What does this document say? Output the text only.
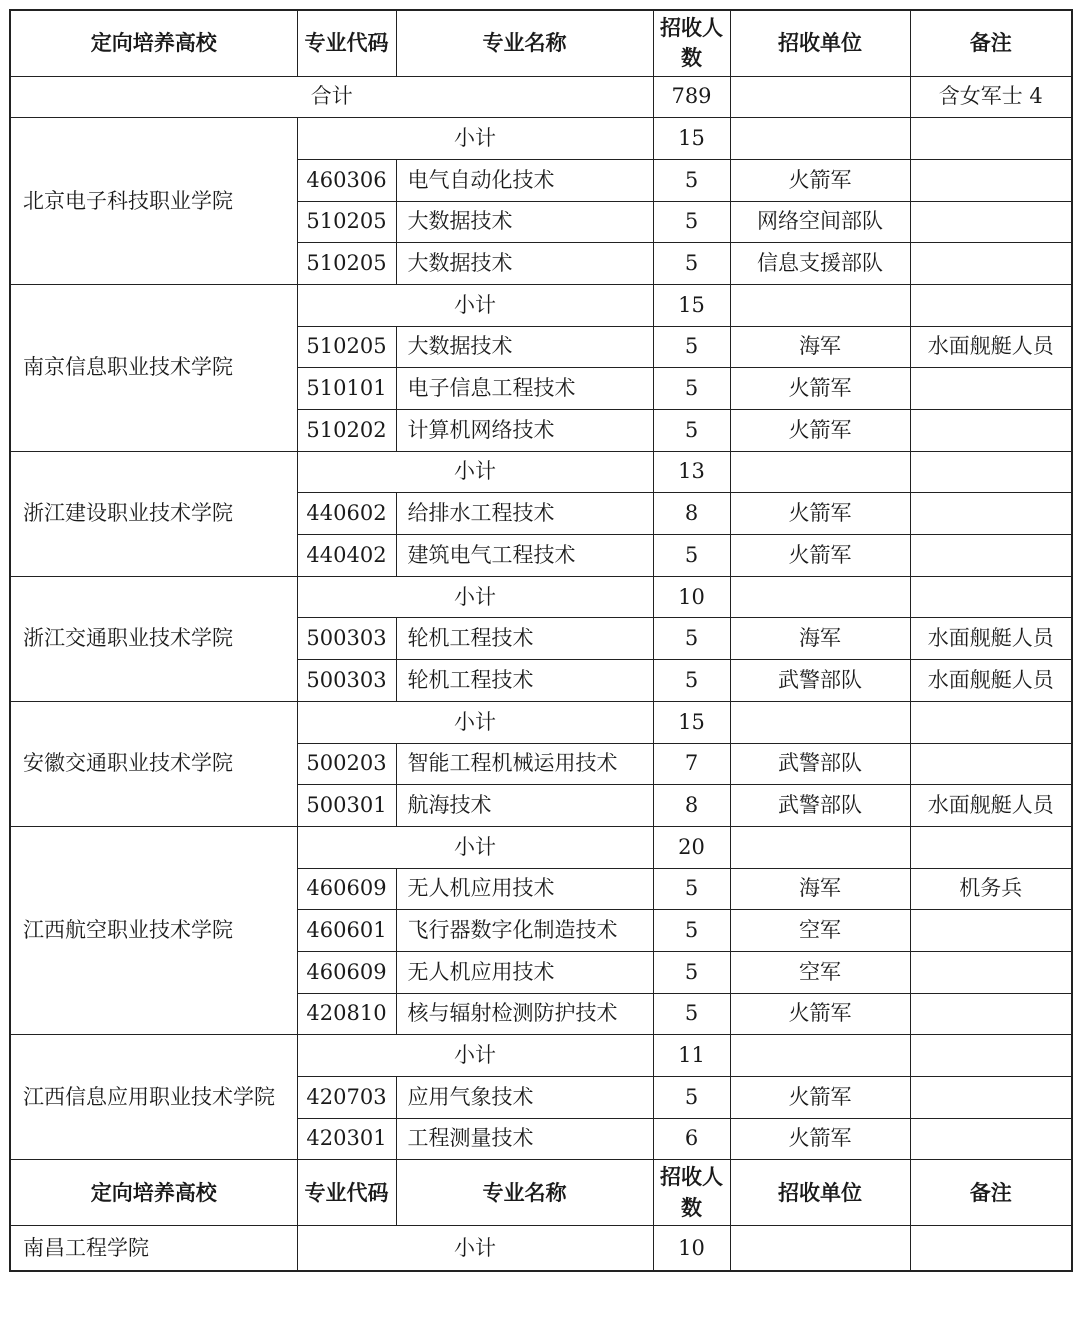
定向培养高校	专业代码	专业名称	招收人数	招收单位	备注
合计			789		含女军士 4
北京电子科技职业学院	小计		15		
	460306	电气自动化技术	5	火箭军	
	510205	大数据技术	5	网络空间部队	
	510205	大数据技术	5	信息支援部队	
南京信息职业技术学院	小计		15		
	510205	大数据技术	5	海军	水面舰艇人员
	510101	电子信息工程技术	5	火箭军	
	510202	计算机网络技术	5	火箭军	
浙江建设职业技术学院	小计		13		
	440602	给排水工程技术	8	火箭军	
	440402	建筑电气工程技术	5	火箭军	
浙江交通职业技术学院	小计		10		
	500303	轮机工程技术	5	海军	水面舰艇人员
	500303	轮机工程技术	5	武警部队	水面舰艇人员
安徽交通职业技术学院	小计		15		
	500203	智能工程机械运用技术	7	武警部队	
	500301	航海技术	8	武警部队	水面舰艇人员
江西航空职业技术学院	小计		20		
	460609	无人机应用技术	5	海军	机务兵
	460601	飞行器数字化制造技术	5	空军	
	460609	无人机应用技术	5	空军	
	420810	核与辐射检测防护技术	5	火箭军	
江西信息应用职业技术学院	小计		11		
	420703	应用气象技术	5	火箭军	
	420301	工程测量技术	6	火箭军	
定向培养高校	专业代码	专业名称	招收人数	招收单位	备注
南昌工程学院	小计		10		
